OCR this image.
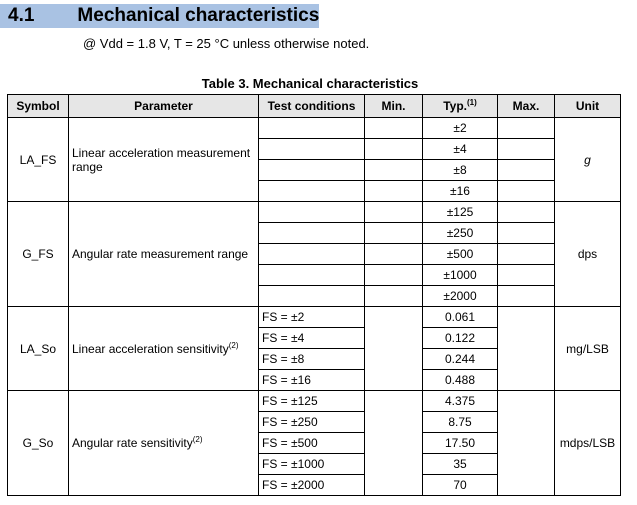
4.1 Mechanical characteristics
@ Vdd = 1.8 V, T = 25 °C unless otherwise noted.
Table 3. Mechanical characteristics
Symbol	Parameter	Test conditions	Min.	Typ.$^{(1)}$	Max.	Unit
LA_FS	Linear acceleration measurement range			±2		g
				±4		
				±8		
				±16		
G_FS	Angular rate measurement range			±125		dps
				±250		
				±500		
				±1000		
				±2000		
LA_So	Linear acceleration sensitivity$^{(2)}$	FS = ±2		0.061		mg/LSB
		FS = ±4		0.122		
		FS = ±8		0.244		
		FS = ±16		0.488		
G_So	Angular rate sensitivity$^{(2)}$	FS = ±125		4.375		mdps/LSB
		FS = ±250		8.75		
		FS = ±500		17.50		
		FS = ±1000		35		
		FS = ±2000		70		
